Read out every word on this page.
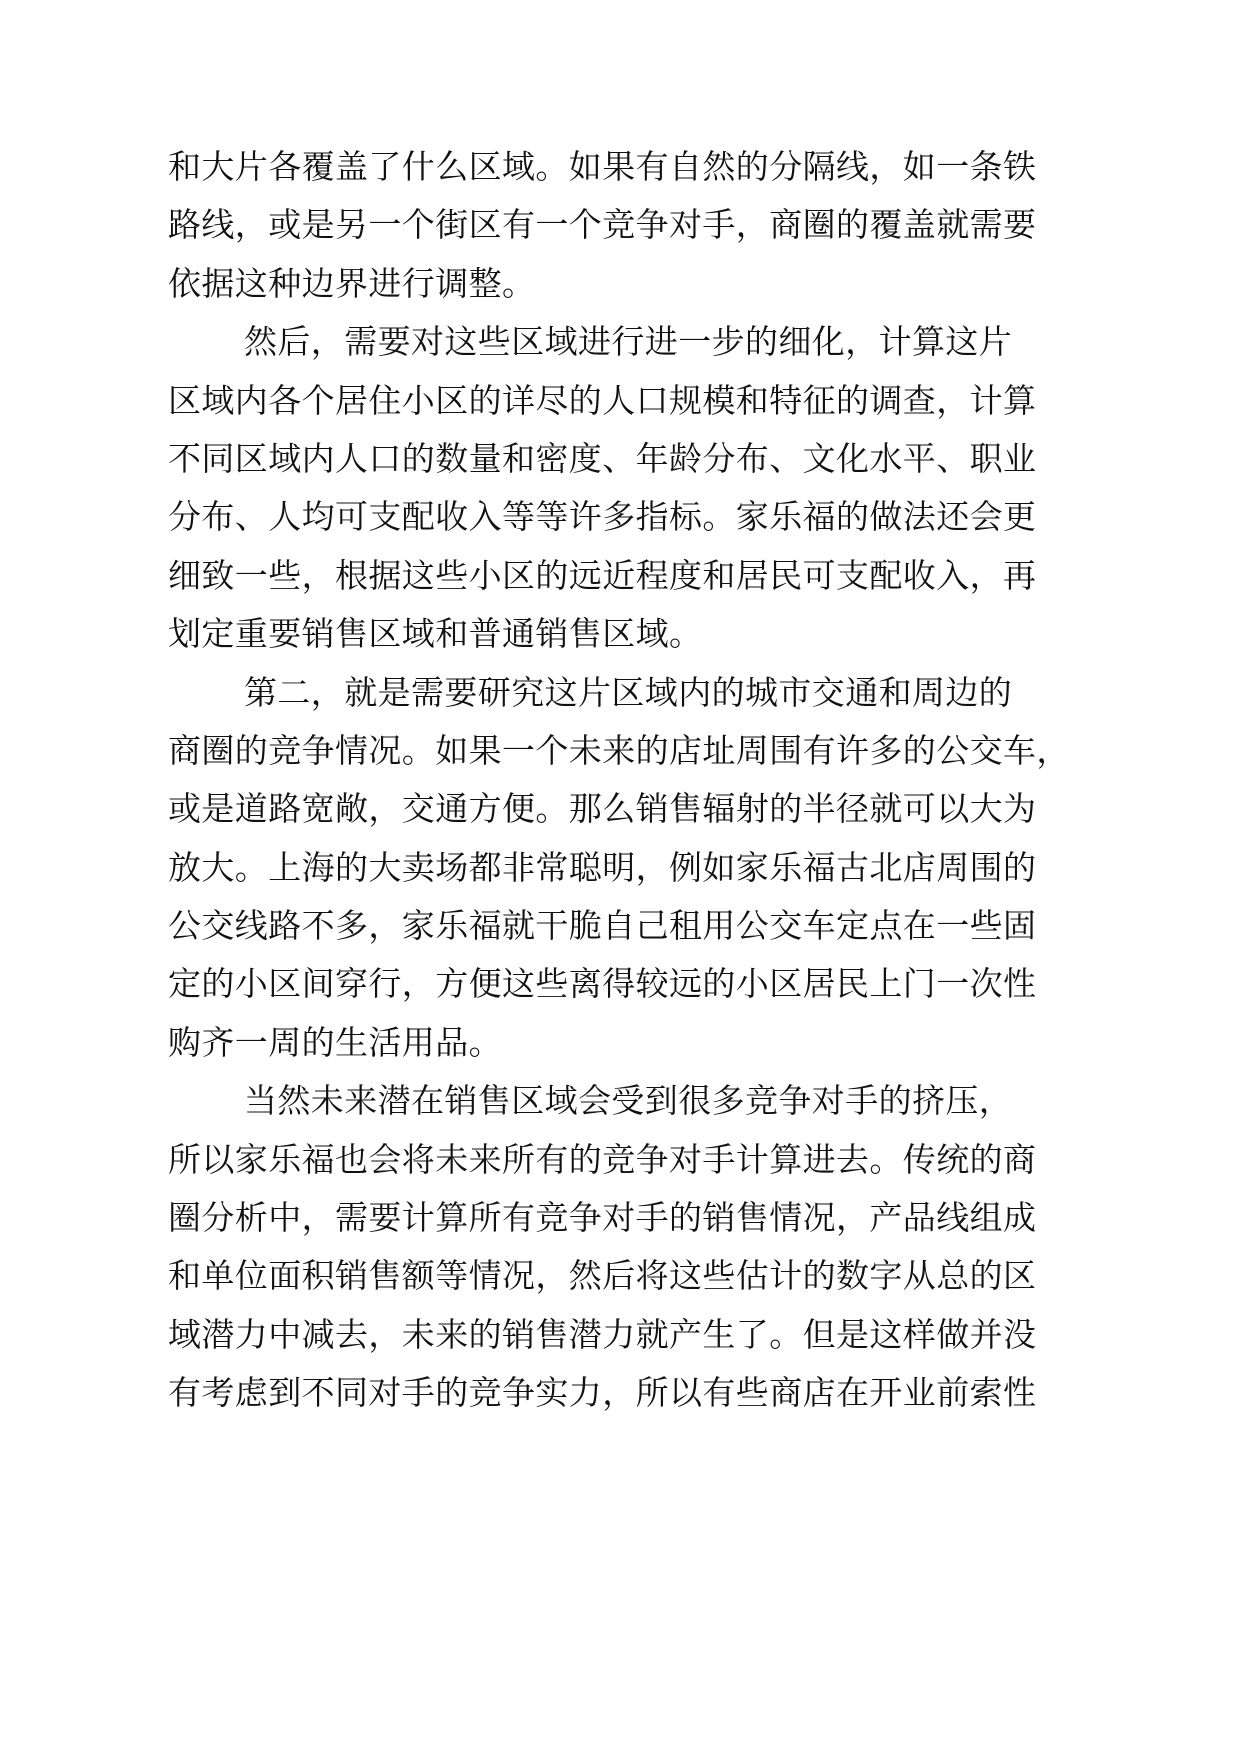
和大片各覆盖了什么区域。如果有自然的分隔线，如一条铁
路线，或是另一个街区有一个竞争对手，商圈的覆盖就需要
依据这种边界进行调整。
然后，需要对这些区域进行进一步的细化，计算这片
区域内各个居住小区的详尽的人口规模和特征的调查，计算
不同区域内人口的数量和密度、年龄分布、文化水平、职业
分布、人均可支配收入等等许多指标。家乐福的做法还会更
细致一些，根据这些小区的远近程度和居民可支配收入，再
划定重要销售区域和普通销售区域。
第二，就是需要研究这片区域内的城市交通和周边的
商圈的竞争情况。如果一个未来的店址周围有许多的公交车，
或是道路宽敞，交通方便。那么销售辐射的半径就可以大为
放大。上海的大卖场都非常聪明，例如家乐福古北店周围的
公交线路不多，家乐福就干脆自己租用公交车定点在一些固
定的小区间穿行，方便这些离得较远的小区居民上门一次性
购齐一周的生活用品。
当然未来潜在销售区域会受到很多竞争对手的挤压，
所以家乐福也会将未来所有的竞争对手计算进去。传统的商
圈分析中，需要计算所有竞争对手的销售情况，产品线组成
和单位面积销售额等情况，然后将这些估计的数字从总的区
域潜力中减去，未来的销售潜力就产生了。但是这样做并没
有考虑到不同对手的竞争实力，所以有些商店在开业前索性
